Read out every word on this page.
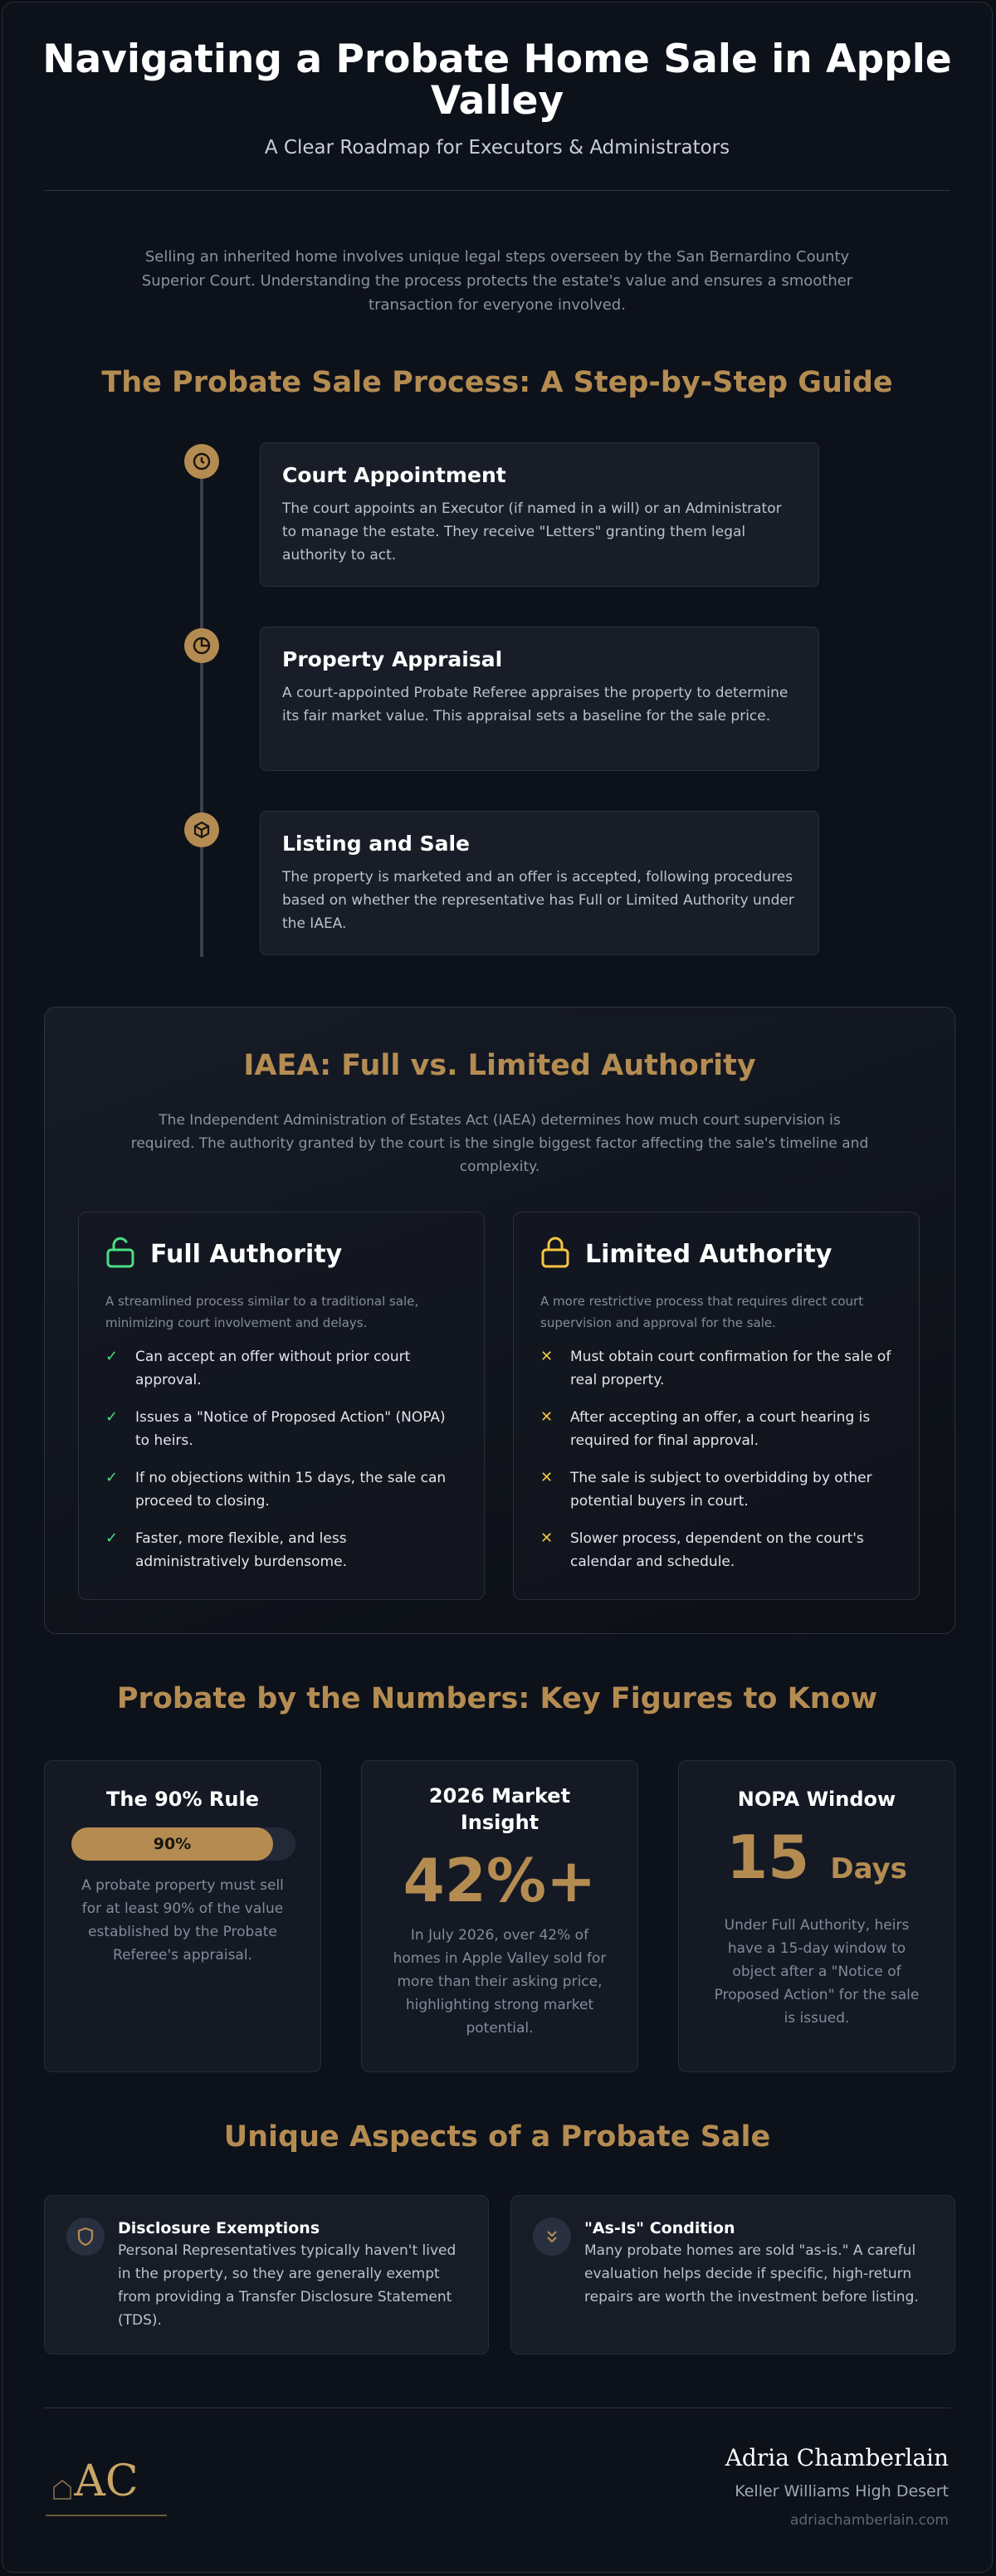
Navigating a Probate Home Sale in Apple Valley
A Clear Roadmap for Executors & Administrators
Selling an inherited home involves unique legal steps overseen by the San Bernardino County Superior Court. Understanding the process protects the estate's value and ensures a smoother transaction for everyone involved.
The Probate Sale Process: A Step-by-Step Guide
Court Appointment

The court appoints an Executor (if named in a will) or an Administrator to manage the estate. They receive "Letters" granting them legal authority to act.

Property Appraisal

A court-appointed Probate Referee appraises the property to determine its fair market value. This appraisal sets a baseline for the sale price.

Listing and Sale

The property is marketed and an offer is accepted, following procedures based on whether the representative has Full or Limited Authority under the IAEA.

IAEA: Full vs. Limited Authority
The Independent Administration of Estates Act (IAEA) determines how much court supervision is required. The authority granted by the court is the single biggest factor affecting the sale's timeline and complexity.
Full Authority
A streamlined process similar to a traditional sale, minimizing court involvement and delays.
✓	Can accept an offer without prior court approval.
✓	Issues a "Notice of Proposed Action" (NOPA) to heirs.
✓	If no objections within 15 days, the sale can proceed to closing.
✓	Faster, more flexible, and less administratively burdensome.
Limited Authority
A more restrictive process that requires direct court supervision and approval for the sale.
✕	Must obtain court confirmation for the sale of real property.
✕	After accepting an offer, a court hearing is required for final approval.
✕	The sale is subject to overbidding by other potential buyers in court.
✕	Slower process, dependent on the court's calendar and schedule.
Probate by the Numbers: Key Figures to Know
The 90% Rule
90%

A probate property must sell for at least 90% of the value established by the Probate Referee's appraisal.

2026 Market Insight
42%+

In July 2026, over 42% of homes in Apple Valley sold for more than their asking price, highlighting strong market potential.

NOPA Window
15 Days

Under Full Authority, heirs have a 15-day window to object after a "Notice of Proposed Action" for the sale is issued.

Unique Aspects of a Probate Sale
Disclosure Exemptions

Personal Representatives typically haven't lived in the property, so they are generally exempt from providing a Transfer Disclosure Statement (TDS).

"As-Is" Condition

Many probate homes are sold "as-is." A careful evaluation helps decide if specific, high-return repairs are worth the investment before listing.

AC	Adria Chamberlain
Keller Williams High Desert
adriachamberlain.com
